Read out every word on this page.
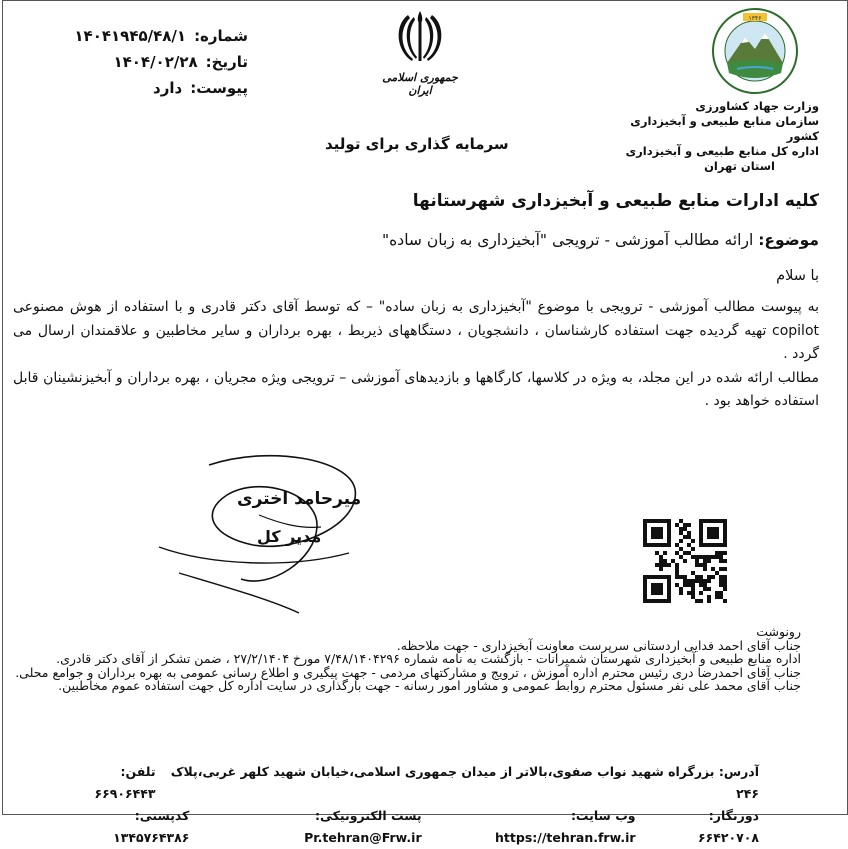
شماره:
۱۴۰۴۱۹۴۵/۴۸/۱
تاریخ:
۱۴۰۴/۰۲/۲۸
پیوست:
دارد
جمهوری اسلامی ایران
سرمایه گذاری برای تولید
۱۳۴۶
وزارت جهاد کشاورزی
سازمان منابع طبیعی و آبخیزداری کشور
اداره کل منابع طبیعی و آبخیزداری
استان تهران
کلیه ادارات منابع طبیعی و آبخیزداری شهرستانها
موضوع: ارائه مطالب آموزشی - ترویجی "آبخیزداری به زبان ساده"
با سلام
به پیوست مطالب آموزشی - ترویجی با موضوع "آبخیزداری به زبان ساده" – که توسط آقای دکتر قادری و با استفاده از هوش مصنوعی copilot تهیه گردیده جهت استفاده کارشناسان ، دانشجویان ، دستگاههای ذیربط ، بهره برداران و سایر مخاطبین و علاقمندان ارسال می گردد .
مطالب ارائه شده در این مجلد، به ویژه در کلاسها، کارگاهها و بازدیدهای آموزشی – ترویجی ویژه مجریان ، بهره برداران و آبخیزنشینان قابل استفاده خواهد بود .
میرحامد اختری
مدیر کل
رونوشت
جناب آقای احمد فدایی اردستانی سرپرست معاونت آبخیزداری - جهت ملاحظه.
اداره منابع طبیعی و آبخیزداری شهرستان شمیرانات - بازگشت به نامه شماره ۷/۴۸/۱۴۰۴۲۹۶ مورخ ۲۷/۲/۱۴۰۴ ، ضمن تشکر از آقای دکتر قادری.
جناب آقای احمدرضا دری رئیس محترم اداره آموزش ، ترویج و مشارکتهای مردمی - جهت پیگیری و اطلاع رسانی عمومی به بهره برداران و جوامع محلی.
جناب آقای محمد علی نفر مسئول محترم روابط عمومی و مشاور امور رسانه - جهت بارگذاری در سایت اداره کل جهت استفاده عموم مخاطبین.
آدرس: بزرگراه شهید نواب صفوی،بالاتر از میدان جمهوری اسلامی،خیابان شهید کلهر غربی،پلاک ۲۴۶
تلفن: ۶۶۹۰۶۴۴۳
دورنگار: ۶۶۴۲۰۷۰۸
وب سایت: https://tehran.frw.ir
پست الکترونیکی: Pr.tehran@Frw.ir
کدپستی: ۱۳۴۵۷۶۴۳۸۶
